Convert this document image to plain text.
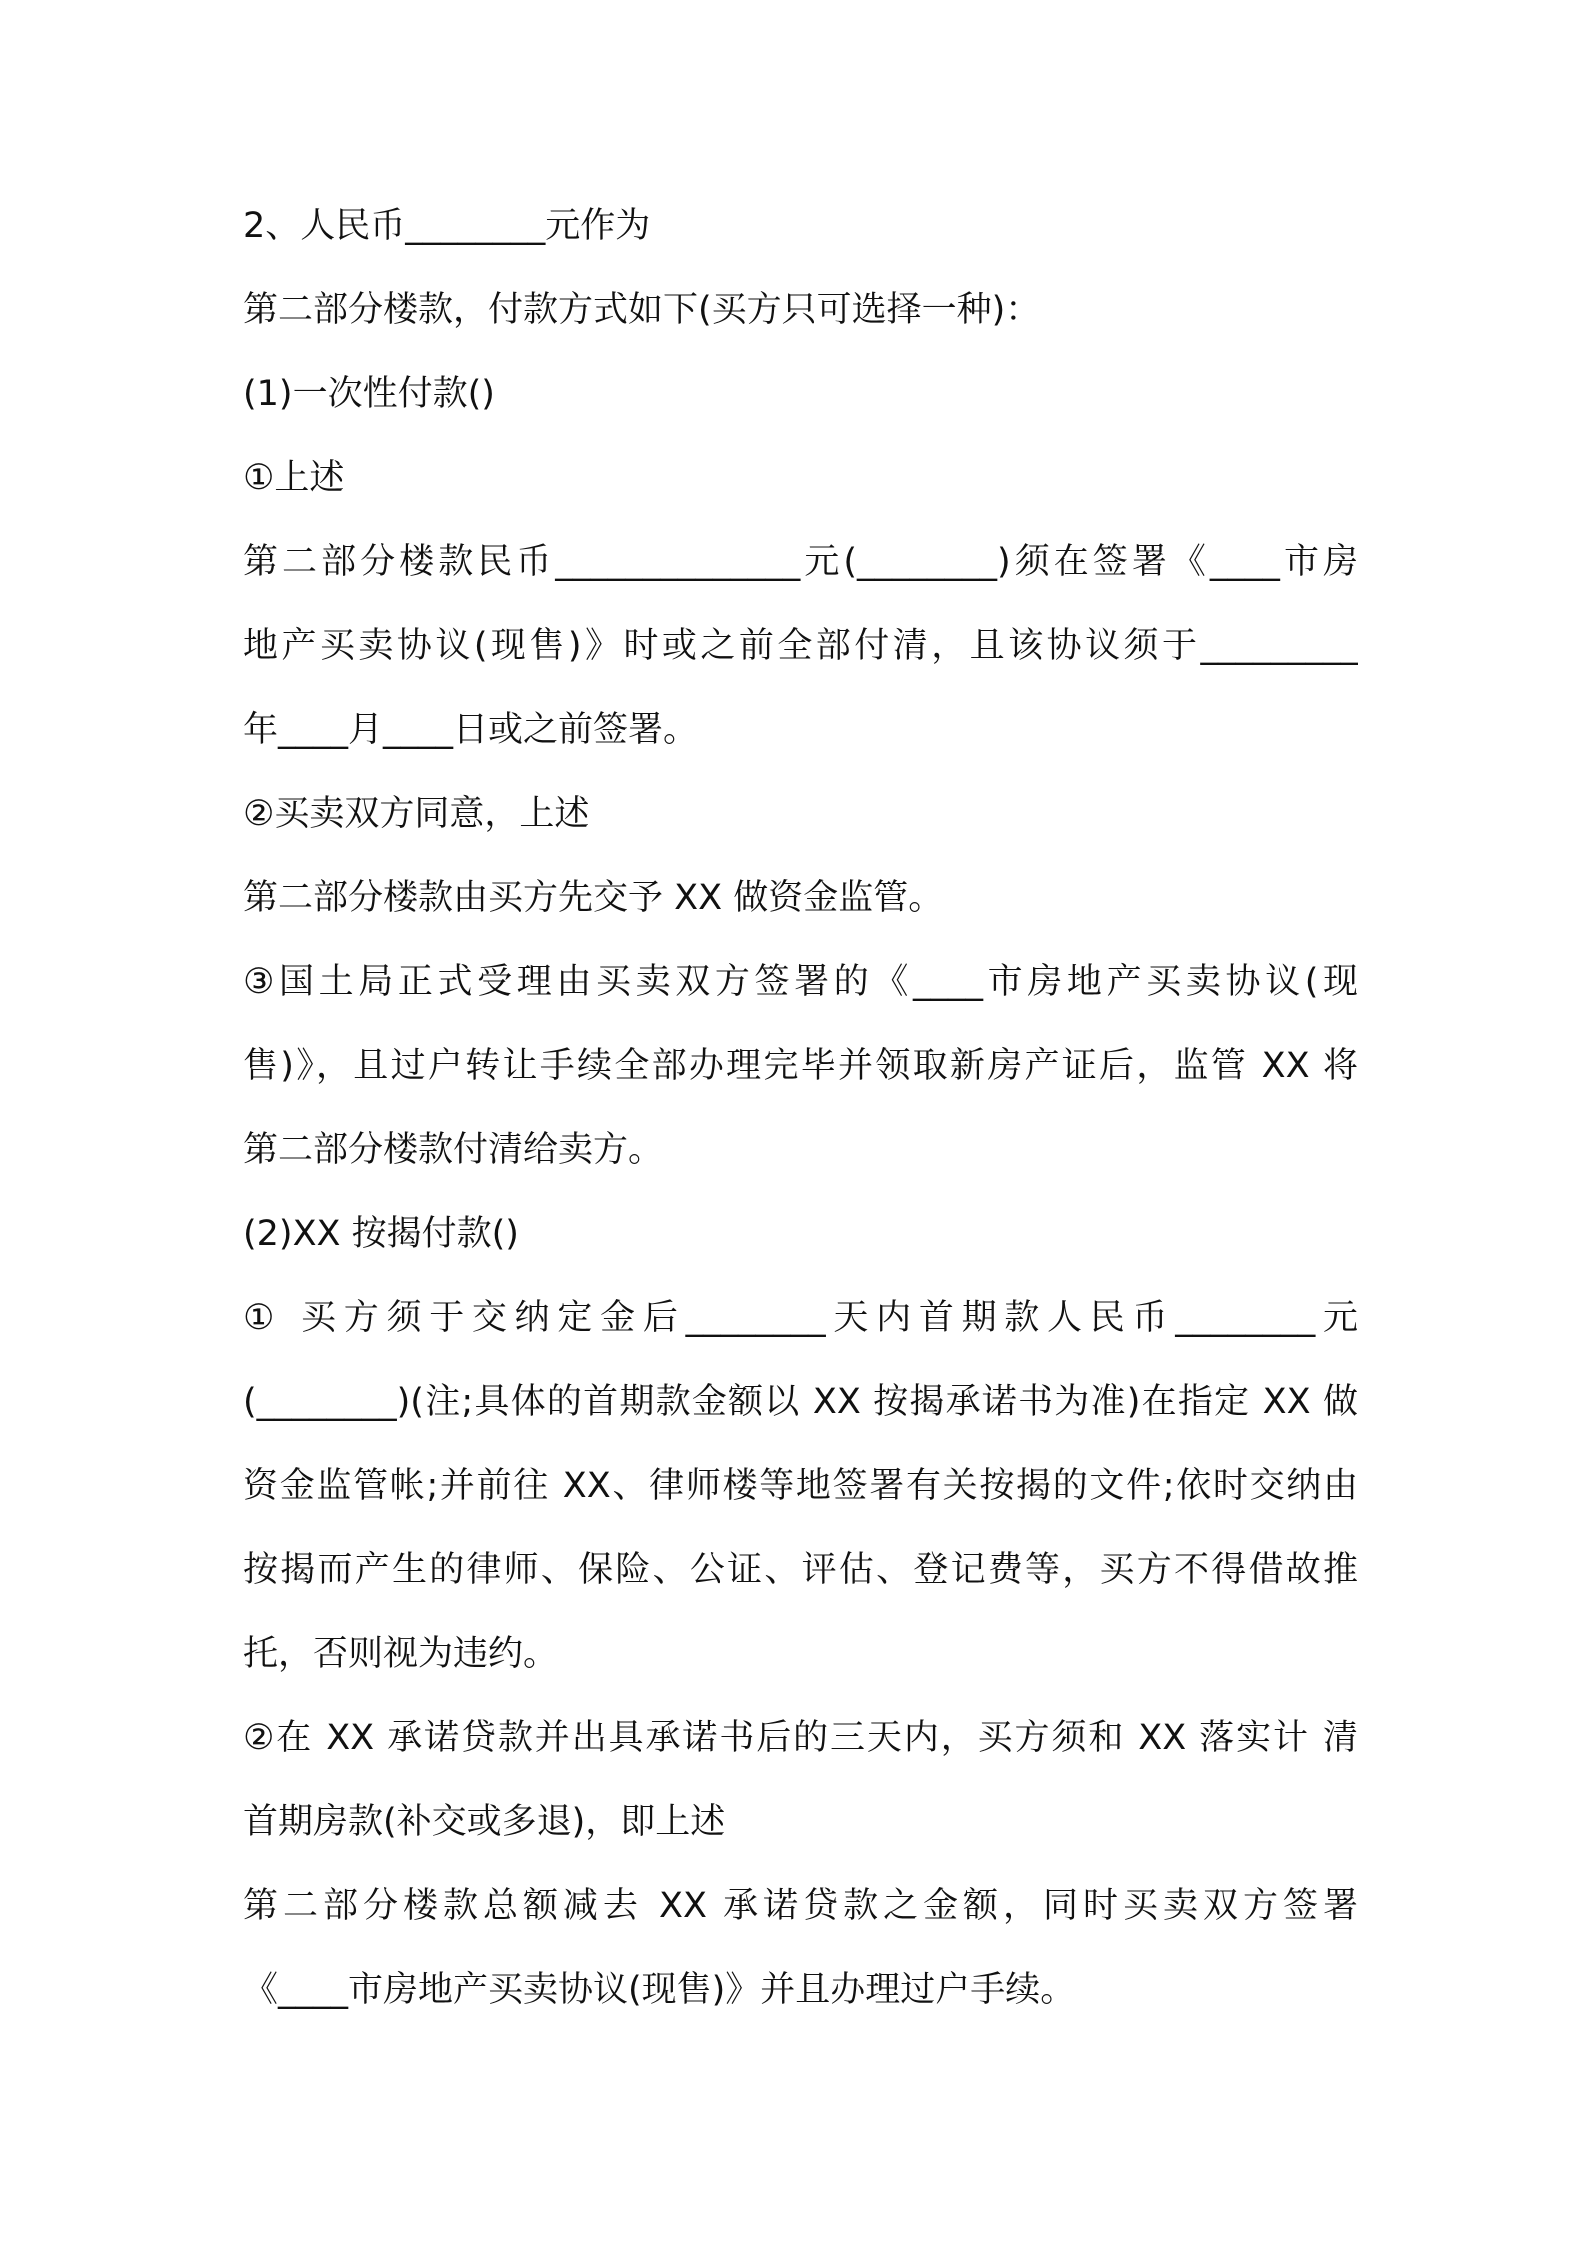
2、人民币________元作为
第二部分楼款，付款方式如下(买方只可选择一种)：
(1)一次性付款()
①上述
第二部分楼款民币______________元(________)须在签署《____市房
地产买卖协议(现售)》时或之前全部付清，且该协议须于_________
年____月____日或之前签署。
②买卖双方同意，上述
第二部分楼款由买方先交予 XX 做资金监管。
③国土局正式受理由买卖双方签署的《____市房地产买卖协议(现
售)》，且过户转让手续全部办理完毕并领取新房产证后，监管 XX 将
第二部分楼款付清给卖方。
(2)XX 按揭付款()
① 买方须于交纳定金后________天内首期款人民币________元
(________)(注;具体的首期款金额以 XX 按揭承诺书为准)在指定 XX 做
资金监管帐;并前往 XX、律师楼等地签署有关按揭的文件;依时交纳由
按揭而产生的律师、保险、公证、评估、登记费等，买方不得借故推
托，否则视为违约。
②在 XX 承诺贷款并出具承诺书后的三天内，买方须和 XX 落实计 清
首期房款(补交或多退)，即上述
第二部分楼款总额减去 XX 承诺贷款之金额，同时买卖双方签署
《____市房地产买卖协议(现售)》并且办理过户手续。
